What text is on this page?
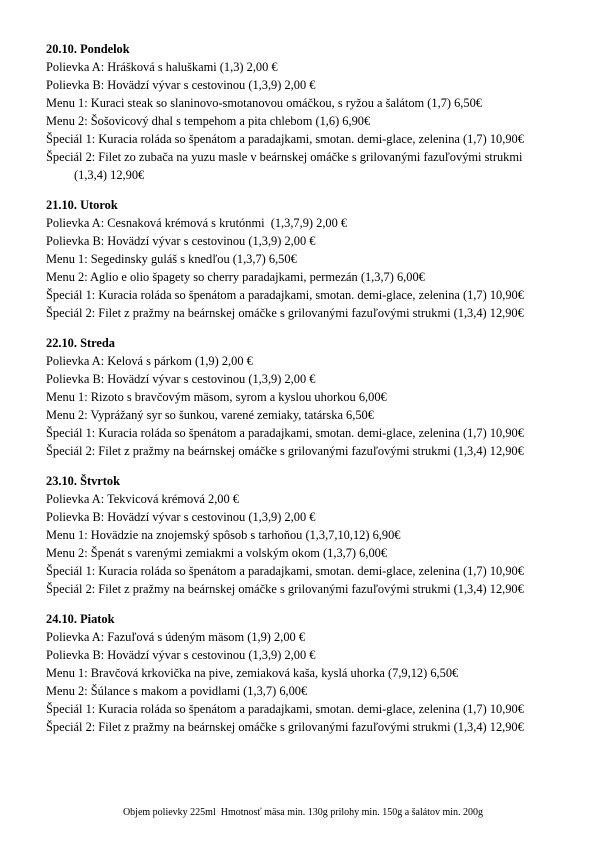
20.10. Pondelok
Polievka A: Hrášková s haluškami (1,3) 2,00 €
Polievka B: Hovädzí vývar s cestovinou (1,3,9) 2,00 €
Menu 1: Kuraci steak so slaninovo-smotanovou omáčkou, s ryžou a šalátom (1,7) 6,50€
Menu 2: Šošovicový dhal s tempehom a pita chlebom (1,6) 6,90€
Špeciál 1: Kuracia roláda so špenátom a paradajkami, smotan. demi-glace, zelenina (1,7) 10,90€
Špeciál 2: Filet zo zubača na yuzu masle v beárnskej omáčke s grilovanými fazuľovými strukmi
(1,3,4) 12,90€
21.10. Utorok
Polievka A: Cesnaková krémová s krutónmi  (1,3,7,9) 2,00 €
Polievka B: Hovädzí vývar s cestovinou (1,3,9) 2,00 €
Menu 1: Segedinsky guláš s knedľou (1,3,7) 6,50€
Menu 2: Aglio e olio špagety so cherry paradajkami, permezán (1,3,7) 6,00€
Špeciál 1: Kuracia roláda so špenátom a paradajkami, smotan. demi-glace, zelenina (1,7) 10,90€
Špeciál 2: Filet z pražmy na beárnskej omáčke s grilovanými fazuľovými strukmi (1,3,4) 12,90€
22.10. Streda
Polievka A: Kelová s párkom (1,9) 2,00 €
Polievka B: Hovädzí vývar s cestovinou (1,3,9) 2,00 €
Menu 1: Rizoto s bravčovým mäsom, syrom a kyslou uhorkou 6,00€
Menu 2: Vyprážaný syr so šunkou, varené zemiaky, tatárska 6,50€
Špeciál 1: Kuracia roláda so špenátom a paradajkami, smotan. demi-glace, zelenina (1,7) 10,90€
Špeciál 2: Filet z pražmy na beárnskej omáčke s grilovanými fazuľovými strukmi (1,3,4) 12,90€
23.10. Štvrtok
Polievka A: Tekvicová krémová 2,00 €
Polievka B: Hovädzí vývar s cestovinou (1,3,9) 2,00 €
Menu 1: Hovädzie na znojemský spôsob s tarhoňou (1,3,7,10,12) 6,90€
Menu 2: Špenát s varenými zemiakmi a volským okom (1,3,7) 6,00€
Špeciál 1: Kuracia roláda so špenátom a paradajkami, smotan. demi-glace, zelenina (1,7) 10,90€
Špeciál 2: Filet z pražmy na beárnskej omáčke s grilovanými fazuľovými strukmi (1,3,4) 12,90€
24.10. Piatok
Polievka A: Fazuľová s údeným mäsom (1,9) 2,00 €
Polievka B: Hovädzí vývar s cestovinou (1,3,9) 2,00 €
Menu 1: Bravčová krkovička na pive, zemiaková kaša, kyslá uhorka (7,9,12) 6,50€
Menu 2: Šúlance s makom a povidlami (1,3,7) 6,00€
Špeciál 1: Kuracia roláda so špenátom a paradajkami, smotan. demi-glace, zelenina (1,7) 10,90€
Špeciál 2: Filet z pražmy na beárnskej omáčke s grilovanými fazuľovými strukmi (1,3,4) 12,90€
Objem polievky 225ml  Hmotnosť mäsa min. 130g prilohy min. 150g a šalátov min. 200g
